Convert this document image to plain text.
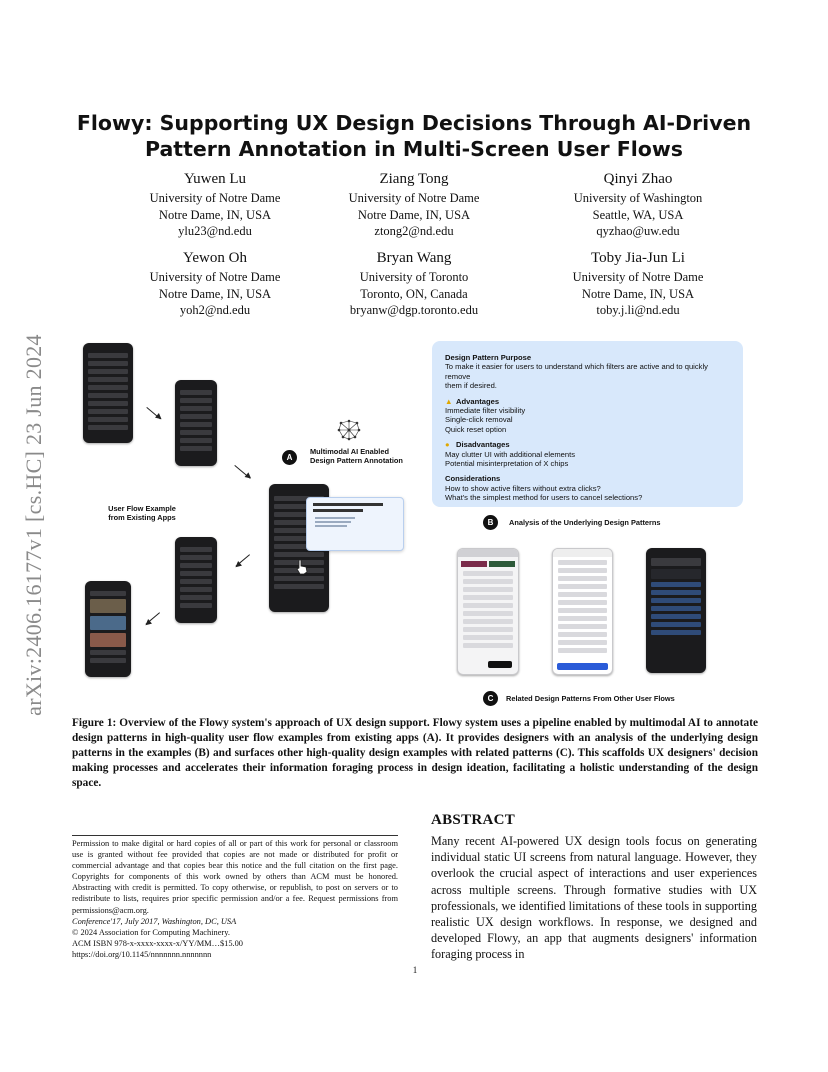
arXiv:2406.16177v1 [cs.HC] 23 Jun 2024
Flowy: Supporting UX Design Decisions Through AI-Driven
Pattern Annotation in Multi-Screen User Flows
Yuwen Lu
University of Notre Dame
Notre Dame, IN, USA
ylu23@nd.edu
Ziang Tong
University of Notre Dame
Notre Dame, IN, USA
ztong2@nd.edu
Qinyi Zhao
University of Washington
Seattle, WA, USA
qyzhao@uw.edu
Yewon Oh
University of Notre Dame
Notre Dame, IN, USA
yoh2@nd.edu
Bryan Wang
University of Toronto
Toronto, ON, Canada
bryanw@dgp.toronto.edu
Toby Jia-Jun Li
University of Notre Dame
Notre Dame, IN, USA
toby.j.li@nd.edu
User Flow Example
from Existing Apps
A
Multimodal AI Enabled
Design Pattern Annotation
Design Pattern Purpose
To make it easier for users to understand which filters are active and to quickly remove
them if desired.
▲ Advantages
Immediate filter visibility
Single-click removal
Quick reset option
● Disadvantages
May clutter UI with additional elements
Potential misinterpretation of X chips
Considerations
How to show active filters without extra clicks?
What's the simplest method for users to cancel selections?
B	Analysis of the Underlying Design Patterns
C	Related Design Patterns From Other User Flows
Figure 1: Overview of the Flowy system's approach of UX design support. Flowy system uses a pipeline enabled by multimodal AI to annotate design patterns in high-quality user flow examples from existing apps (A). It provides designers with an analysis of the underlying design patterns in the examples (B) and surfaces other high-quality design examples with related patterns (C). This scaffolds UX designers' decision making processes and accelerates their information foraging process in design ideation, facilitating a holistic understanding of the design space.
ABSTRACT
Many recent AI-powered UX design tools focus on generating individual static UI screens from natural language. However, they overlook the crucial aspect of interactions and user experiences across multiple screens. Through formative studies with UX professionals, we identified limitations of these tools in supporting realistic UX design workflows. In response, we designed and developed Flowy, an app that augments designers' information foraging process in
Permission to make digital or hard copies of all or part of this work for personal or classroom use is granted without fee provided that copies are not made or distributed for profit or commercial advantage and that copies bear this notice and the full citation on the first page. Copyrights for components of this work owned by others than ACM must be honored. Abstracting with credit is permitted. To copy otherwise, or republish, to post on servers or to redistribute to lists, requires prior specific permission and/or a fee. Request permissions from permissions@acm.org.
Conference'17, July 2017, Washington, DC, USA
© 2024 Association for Computing Machinery.
ACM ISBN 978-x-xxxx-xxxx-x/YY/MM…$15.00
https://doi.org/10.1145/nnnnnnn.nnnnnnn
1
